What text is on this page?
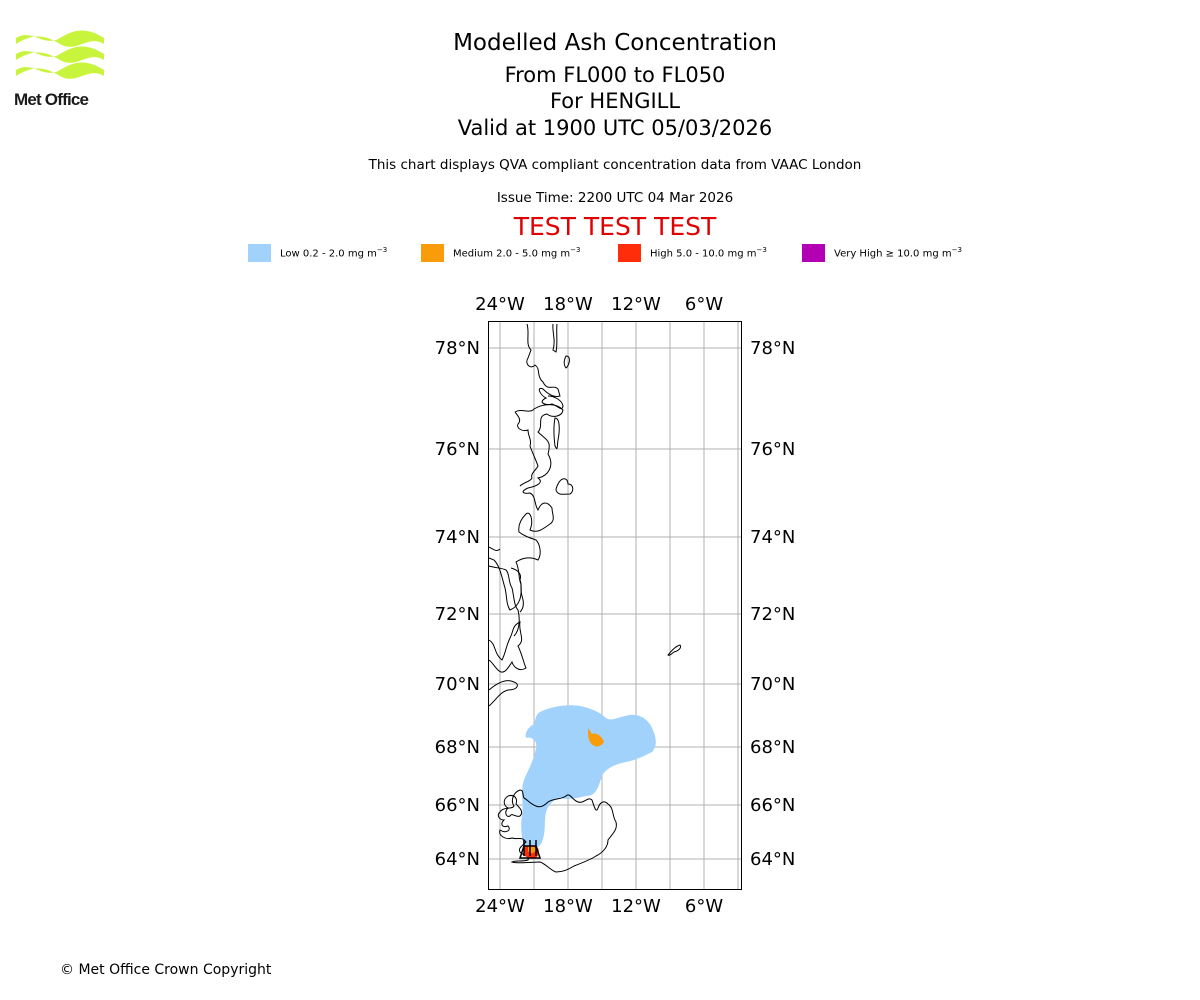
Met Office
Modelled Ash Concentration
From FL000 to FL050
For HENGILL
Valid at 1900 UTC 05/03/2026
This chart displays QVA compliant concentration data from VAAC London
Issue Time: 2200 UTC 04 Mar 2026
TEST TEST TEST
Low 0.2 - 2.0 mg $m^{-3}$	Medium 2.0 - 5.0 mg $m^{-3}$	High 5.0 - 10.0 mg $m^{-3}$	Very High ≥ 10.0 mg $m^{-3}$
24°W 18°W 12°W 6°W
24°W 18°W 12°W 6°W
78°N
76°N
74°N
72°N
70°N
68°N
66°N
64°N
78°N
76°N
74°N
72°N
70°N
68°N
66°N
64°N
© Met Office Crown Copyright
